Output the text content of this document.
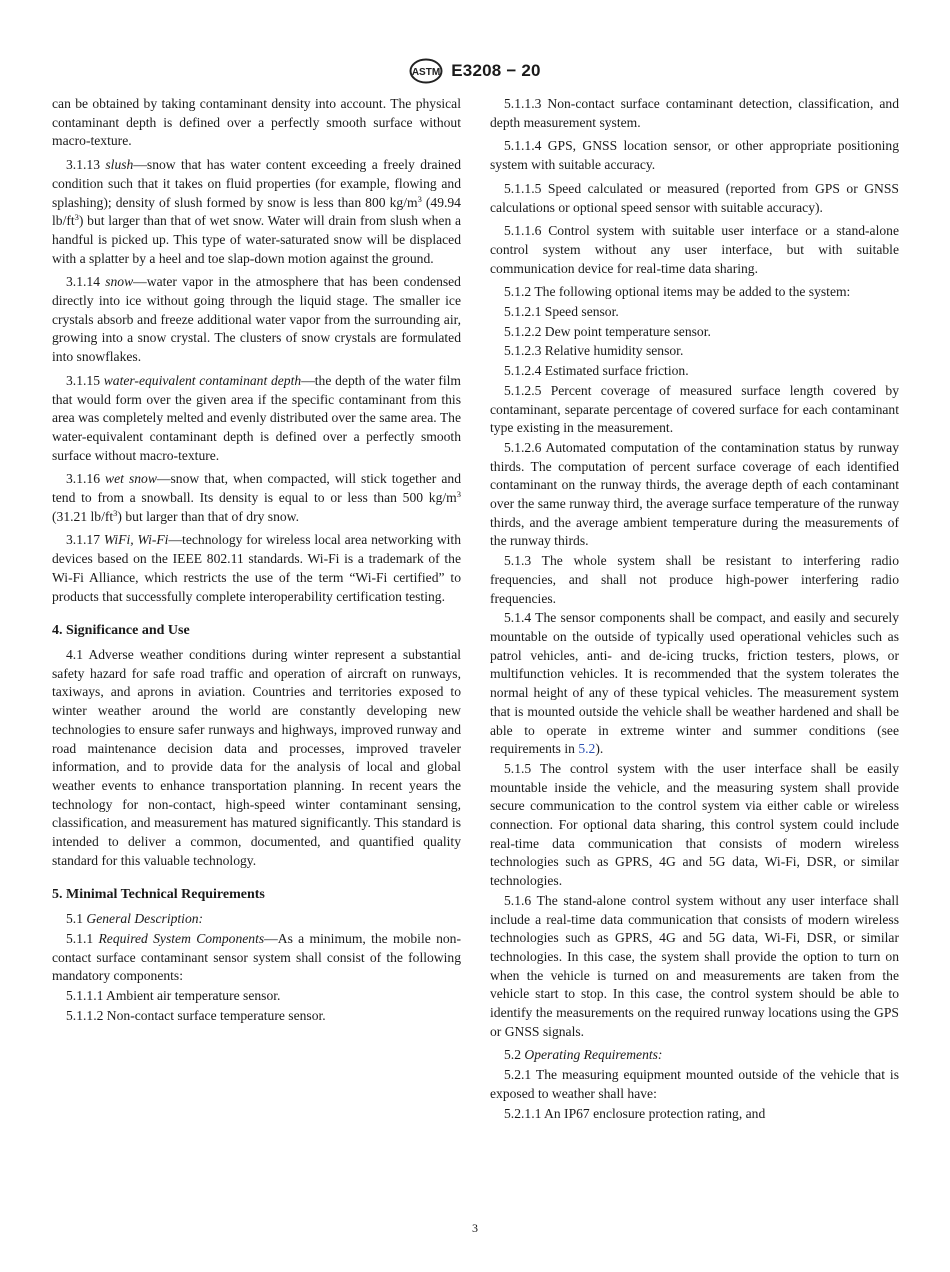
ASTM E3208 − 20

can be obtained by taking contaminant density into account. The physical contaminant depth is defined over a perfectly smooth surface without macro-texture.

3.1.13 slush—snow that has water content exceeding a freely drained condition such that it takes on fluid properties (for example, flowing and splashing); density of slush formed by snow is less than 800 $kg/m^3$ (49.94 $lb/ft^3$) but larger than that of wet snow. Water will drain from slush when a handful is picked up. This type of water-saturated snow will be displaced with a splatter by a heel and toe slap-down motion against the ground.

3.1.14 snow—water vapor in the atmosphere that has been condensed directly into ice without going through the liquid stage. The smaller ice crystals absorb and freeze additional water vapor from the surrounding air, growing into a snow crystal. The clusters of snow crystals are formulated into snowflakes.

3.1.15 water-equivalent contaminant depth—the depth of the water film that would form over the given area if the specific contaminant from this area was completely melted and evenly distributed over the same area. The water-equivalent contaminant depth is defined over a perfectly smooth surface without macro-texture.

3.1.16 wet snow—snow that, when compacted, will stick together and tend to from a snowball. Its density is equal to or less than 500 $kg/m^3$ (31.21 $lb/ft^3$) but larger than that of dry snow.

3.1.17 WiFi, Wi-Fi—technology for wireless local area networking with devices based on the IEEE 802.11 standards. Wi-Fi is a trademark of the Wi-Fi Alliance, which restricts the use of the term “Wi-Fi certified” to products that successfully complete interoperability certification testing.

4. Significance and Use

4.1 Adverse weather conditions during winter represent a substantial safety hazard for safe road traffic and operation of aircraft on runways, taxiways, and aprons in aviation. Countries and territories exposed to winter weather around the world are constantly developing new technologies to ensure safer runways and highways, improved runway and road maintenance decision data and processes, improved traveler information, and to provide data for the analysis of local and global weather events to enhance transportation planning. In recent years the technology for non-contact, high-speed winter contaminant sensing, classification, and measurement has matured significantly. This standard is intended to deliver a common, documented, and quantified quality standard for this valuable technology.

5. Minimal Technical Requirements

5.1 General Description:

5.1.1 Required System Components—As a minimum, the mobile non-contact surface contaminant sensor system shall consist of the following mandatory components:

5.1.1.1 Ambient air temperature sensor.

5.1.1.2 Non-contact surface temperature sensor.

5.1.1.3 Non-contact surface contaminant detection, classification, and depth measurement system.

5.1.1.4 GPS, GNSS location sensor, or other appropriate positioning system with suitable accuracy.

5.1.1.5 Speed calculated or measured (reported from GPS or GNSS calculations or optional speed sensor with suitable accuracy).

5.1.1.6 Control system with suitable user interface or a stand-alone control system without any user interface, but with suitable communication device for real-time data sharing.

5.1.2 The following optional items may be added to the system:

5.1.2.1 Speed sensor.

5.1.2.2 Dew point temperature sensor.

5.1.2.3 Relative humidity sensor.

5.1.2.4 Estimated surface friction.

5.1.2.5 Percent coverage of measured surface length covered by contaminant, separate percentage of covered surface for each contaminant type existing in the measurement.

5.1.2.6 Automated computation of the contamination status by runway thirds. The computation of percent surface coverage of each identified contaminant on the runway thirds, the average depth of each contaminant over the same runway third, the average surface temperature of the runway thirds, and the average ambient temperature during the measurements of the runway thirds.

5.1.3 The whole system shall be resistant to interfering radio frequencies, and shall not produce high-power interfering radio frequencies.

5.1.4 The sensor components shall be compact, and easily and securely mountable on the outside of typically used operational vehicles such as patrol vehicles, anti- and de-icing trucks, friction testers, plows, or multifunction vehicles. It is recommended that the system tolerates the normal height of any of these typical vehicles. The measurement system that is mounted outside the vehicle shall be weather hardened and shall be able to operate in extreme winter and summer conditions (see requirements in 5.2).

5.1.5 The control system with the user interface shall be easily mountable inside the vehicle, and the measuring system shall provide secure communication to the control system via either cable or wireless connection. For optional data sharing, this control system could include real-time data communication that consists of modern wireless technologies such as GPRS, 4G and 5G data, Wi-Fi, DSR, or similar technologies.

5.1.6 The stand-alone control system without any user interface shall include a real-time data communication that consists of modern wireless technologies such as GPRS, 4G and 5G data, Wi-Fi, DSR, or similar technologies. In this case, the system shall provide the option to turn on when the vehicle is turned on and measurements are taken from the vehicle start to stop. In this case, the control system should be able to identify the measurements on the required runway locations using the GPS or GNSS signals.

5.2 Operating Requirements:

5.2.1 The measuring equipment mounted outside of the vehicle that is exposed to weather shall have:

5.2.1.1 An IP67 enclosure protection rating, and

3
